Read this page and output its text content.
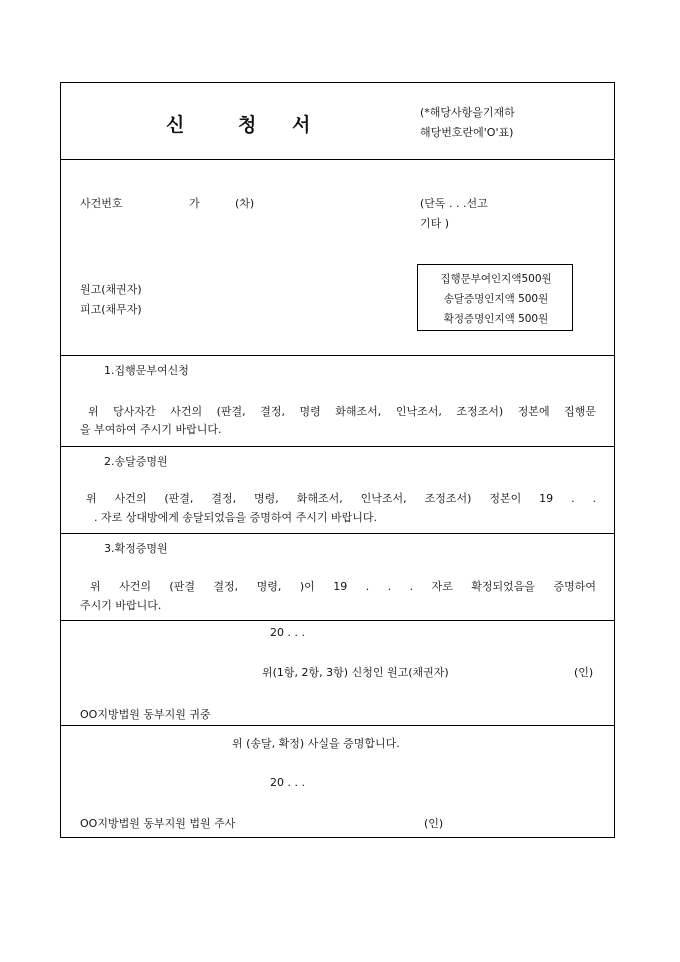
신	청 서
(*해당사항을기재하
해당번호란에'O'표)
사건번호	가	(차)	(단독 . . .선고
기타 )
원고(채권자)
피고(채무자)
집행문부여인지액500원
송달증명인지액 500원
확정증명인지액 500원
1.집행문부여신청
위 당사자간 사건의 (판결, 결정, 명령 화해조서, 인낙조서, 조정조서) 정본에 집행문
을 부여하여 주시기 바랍니다.
2.송달증명원
위 사건의 (판결, 결정, 명령, 화해조서, 인낙조서, 조정조서) 정본이 19 . .
. 자로 상대방에게 송달되었음을 증명하여 주시기 바랍니다.
3.확정증명원
위 사건의 (판결 결정, 명령, )이 19 . . . 자로 확정되었음을 증명하여
주시기 바랍니다.
20 . . .
위(1항, 2항, 3항) 신청인 원고(채권자)	(인)
OO지방법원 동부지원 귀중
위 (송달, 확정) 사실을 증명합니다.
20 . . .
OO지방법원 동부지원 법원 주사	(인)
